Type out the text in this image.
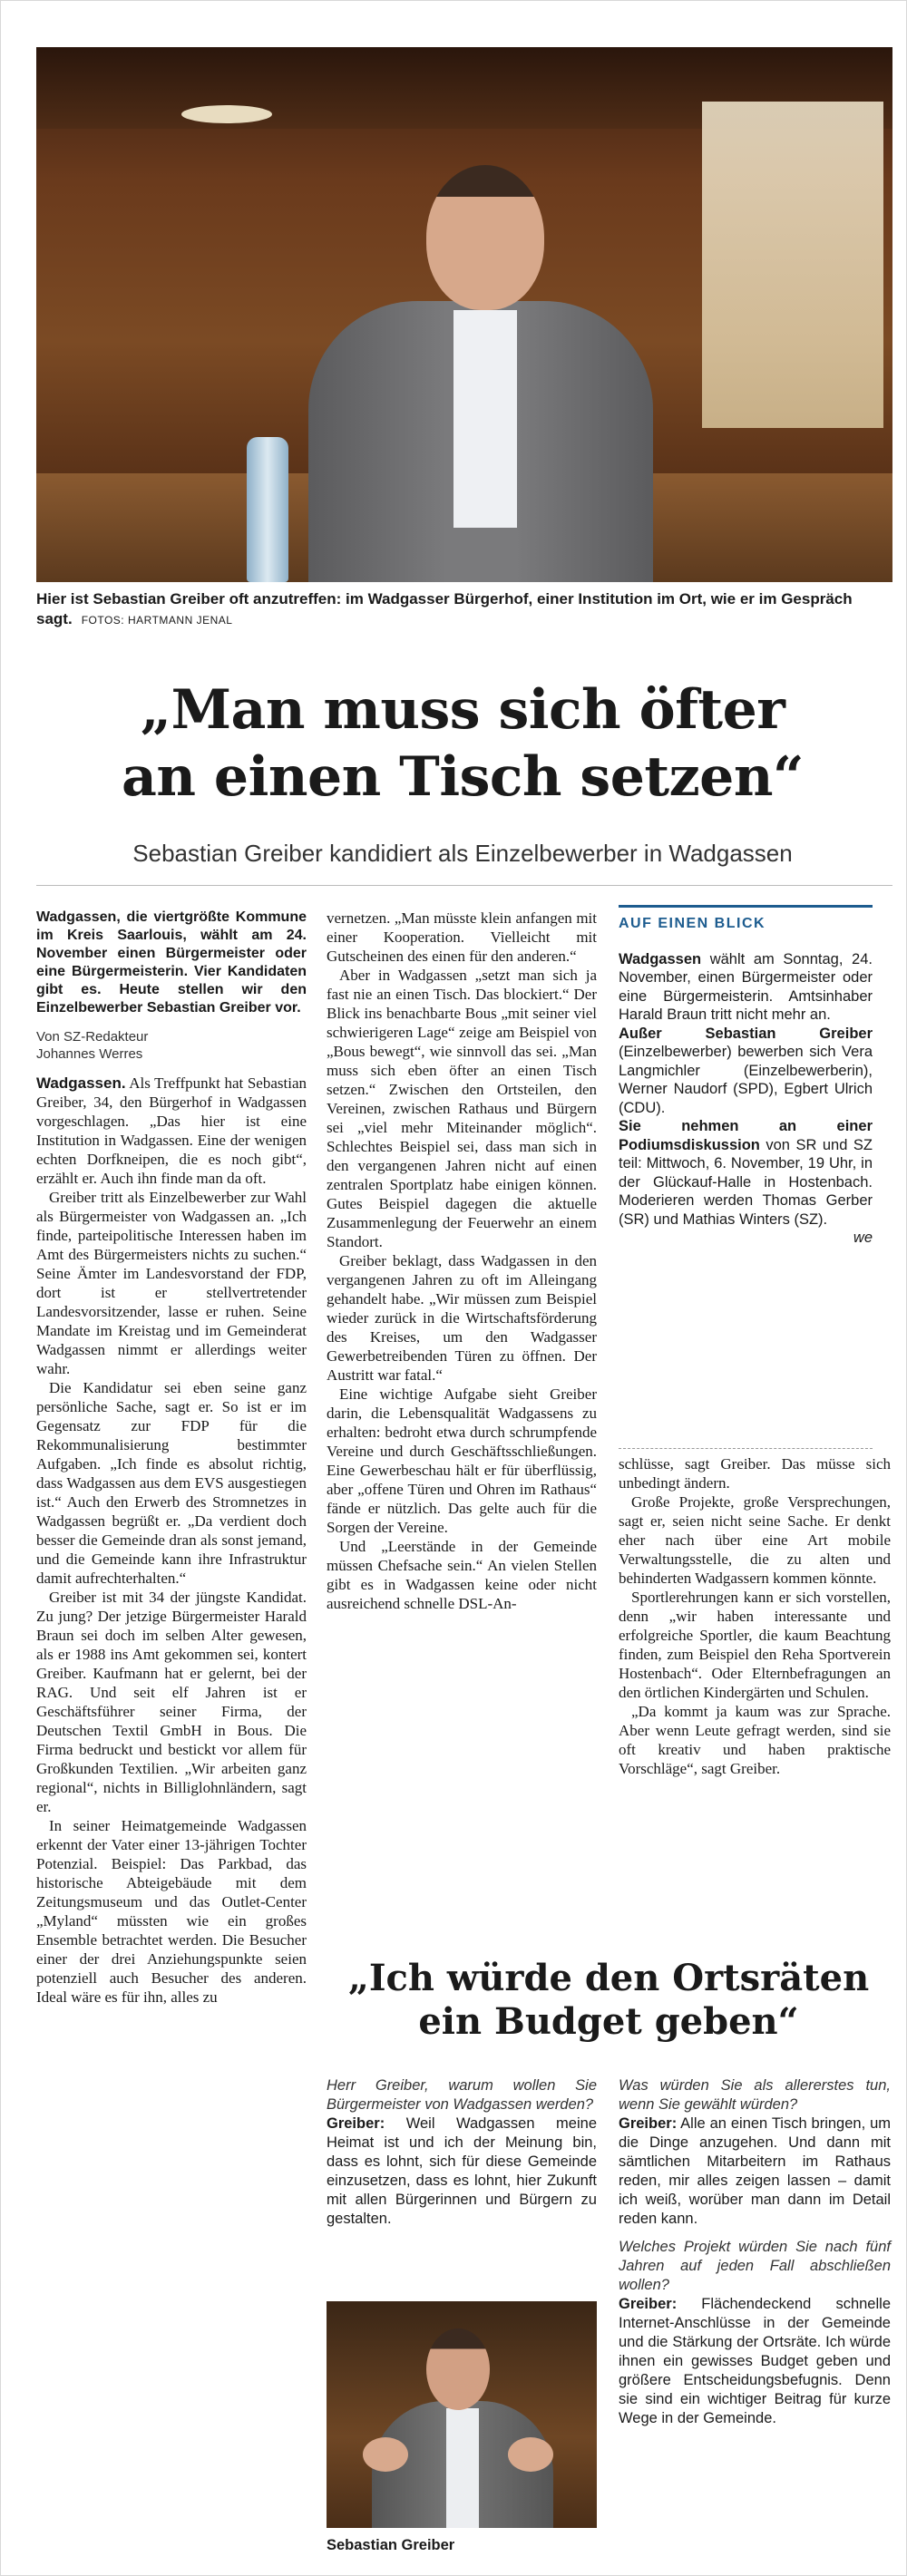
Hier ist Sebastian Greiber oft anzutreffen: im Wadgasser Bürgerhof, einer Institution im Ort, wie er im Gespräch sagt. FOTOS: HARTMANN JENAL
„Man muss sich öfter
an einen Tisch setzen“
Sebastian Greiber kandidiert als Einzelbewerber in Wadgassen

Wadgassen, die viertgrößte Kommune im Kreis Saarlouis, wählt am 24. November einen Bürgermeister oder eine Bürgermeisterin. Vier Kandidaten gibt es. Heute stellen wir den Einzelbewerber Sebastian Greiber vor.

Von SZ-Redakteur
Johannes Werres

Wadgassen. Als Treffpunkt hat Sebastian Greiber, 34, den Bürgerhof in Wadgassen vorgeschlagen. „Das hier ist eine Institution in Wadgassen. Eine der wenigen echten Dorfkneipen, die es noch gibt“, erzählt er. Auch ihn finde man da oft.

Greiber tritt als Einzelbewerber zur Wahl als Bürgermeister von Wadgassen an. „Ich finde, parteipolitische Interessen haben im Amt des Bürgermeisters nichts zu suchen.“ Seine Ämter im Landesvorstand der FDP, dort ist er stellvertretender Landesvorsitzender, lasse er ruhen. Seine Mandate im Kreistag und im Gemeinderat Wadgassen nimmt er allerdings weiter wahr.

Die Kandidatur sei eben seine ganz persönliche Sache, sagt er. So ist er im Gegensatz zur FDP für die Rekommunalisierung bestimmter Aufgaben. „Ich finde es absolut richtig, dass Wadgassen aus dem EVS ausgestiegen ist.“ Auch den Erwerb des Stromnetzes in Wadgassen begrüßt er. „Da verdient doch besser die Gemeinde dran als sonst jemand, und die Gemeinde kann ihre Infrastruktur damit aufrechterhalten.“

Greiber ist mit 34 der jüngste Kandidat. Zu jung? Der jetzige Bürgermeister Harald Braun sei doch im selben Alter gewesen, als er 1988 ins Amt gekommen sei, kontert Greiber. Kaufmann hat er gelernt, bei der RAG. Und seit elf Jahren ist er Geschäftsführer seiner Firma, der Deutschen Textil GmbH in Bous. Die Firma bedruckt und bestickt vor allem für Großkunden Textilien. „Wir arbeiten ganz regional“, nichts in Billiglohnländern, sagt er.

In seiner Heimatgemeinde Wadgassen erkennt der Vater einer 13-jährigen Tochter Potenzial. Beispiel: Das Parkbad, das historische Abteigebäude mit dem Zeitungsmuseum und das Outlet-Center „Myland“ müssten wie ein großes Ensemble betrachtet werden. Die Besucher einer der drei Anziehungspunkte seien potenziell auch Besucher des anderen. Ideal wäre es für ihn, alles zu

vernetzen. „Man müsste klein anfangen mit einer Kooperation. Vielleicht mit Gutscheinen des einen für den anderen.“

Aber in Wadgassen „setzt man sich ja fast nie an einen Tisch. Das blockiert.“ Der Blick ins benachbarte Bous „mit seiner viel schwierigeren Lage“ zeige am Beispiel von „Bous bewegt“, wie sinnvoll das sei. „Man muss sich eben öfter an einen Tisch setzen.“ Zwischen den Ortsteilen, den Vereinen, zwischen Rathaus und Bürgern sei „viel mehr Miteinander möglich“. Schlechtes Beispiel sei, dass man sich in den vergangenen Jahren nicht auf einen zentralen Sportplatz habe einigen können. Gutes Beispiel dagegen die aktuelle Zusammenlegung der Feuerwehr an einem Standort.

Greiber beklagt, dass Wadgassen in den vergangenen Jahren zu oft im Alleingang gehandelt habe. „Wir müssen zum Beispiel wieder zurück in die Wirtschaftsförderung des Kreises, um den Wadgasser Gewerbetreibenden Türen zu öffnen. Der Austritt war fatal.“

Eine wichtige Aufgabe sieht Greiber darin, die Lebensqualität Wadgassens zu erhalten: bedroht etwa durch schrumpfende Vereine und durch Geschäftsschließungen. Eine Gewerbeschau hält er für überflüssig, aber „offene Türen und Ohren im Rathaus“ fände er nützlich. Das gelte auch für die Sorgen der Vereine.

Und „Leerstände in der Gemeinde müssen Chefsache sein.“ An vielen Stellen gibt es in Wadgassen keine oder nicht ausreichend schnelle DSL-An-

AUF EINEN BLICK

Wadgassen wählt am Sonntag, 24. November, einen Bürgermeister oder eine Bürgermeisterin. Amtsinhaber Harald Braun tritt nicht mehr an.

Außer Sebastian Greiber (Einzelbewerber) bewerben sich Vera Langmichler (Einzelbewerberin), Werner Naudorf (SPD), Egbert Ulrich (CDU).

Sie nehmen an einer Podiumsdiskussion von SR und SZ teil: Mittwoch, 6. November, 19 Uhr, in der Glückauf-Halle in Hostenbach. Moderieren werden Thomas Gerber (SR) und Mathias Winters (SZ).

we

schlüsse, sagt Greiber. Das müsse sich unbedingt ändern.

Große Projekte, große Versprechungen, sagt er, seien nicht seine Sache. Er denkt eher nach über eine Art mobile Verwaltungsstelle, die zu alten und behinderten Wadgassern kommen könnte.

Sportlerehrungen kann er sich vorstellen, denn „wir haben interessante und erfolgreiche Sportler, die kaum Beachtung finden, zum Beispiel den Reha Sportverein Hostenbach“. Oder Elternbefragungen an den örtlichen Kindergärten und Schulen.

„Da kommt ja kaum was zur Sprache. Aber wenn Leute gefragt werden, sind sie oft kreativ und haben praktische Vorschläge“, sagt Greiber.

„Ich würde den Ortsräten
ein Budget geben“

Herr Greiber, warum wollen Sie Bürgermeister von Wadgassen werden?

Greiber: Weil Wadgassen meine Heimat ist und ich der Meinung bin, dass es lohnt, sich für diese Gemeinde einzusetzen, dass es lohnt, hier Zukunft mit allen Bürgerinnen und Bürgern zu gestalten.

Was würden Sie als allererstes tun, wenn Sie gewählt würden?

Greiber: Alle an einen Tisch bringen, um die Dinge anzugehen. Und dann mit sämtlichen Mitarbeitern im Rathaus reden, mir alles zeigen lassen – damit ich weiß, worüber man dann im Detail reden kann.

Welches Projekt würden Sie nach fünf Jahren auf jeden Fall abschließen wollen?

Greiber: Flächendeckend schnelle Internet-Anschlüsse in der Gemeinde und die Stärkung der Ortsräte. Ich würde ihnen ein gewisses Budget geben und größere Entscheidungsbefugnis. Denn sie sind ein wichtiger Beitrag für kurze Wege in der Gemeinde.

Sebastian Greiber
